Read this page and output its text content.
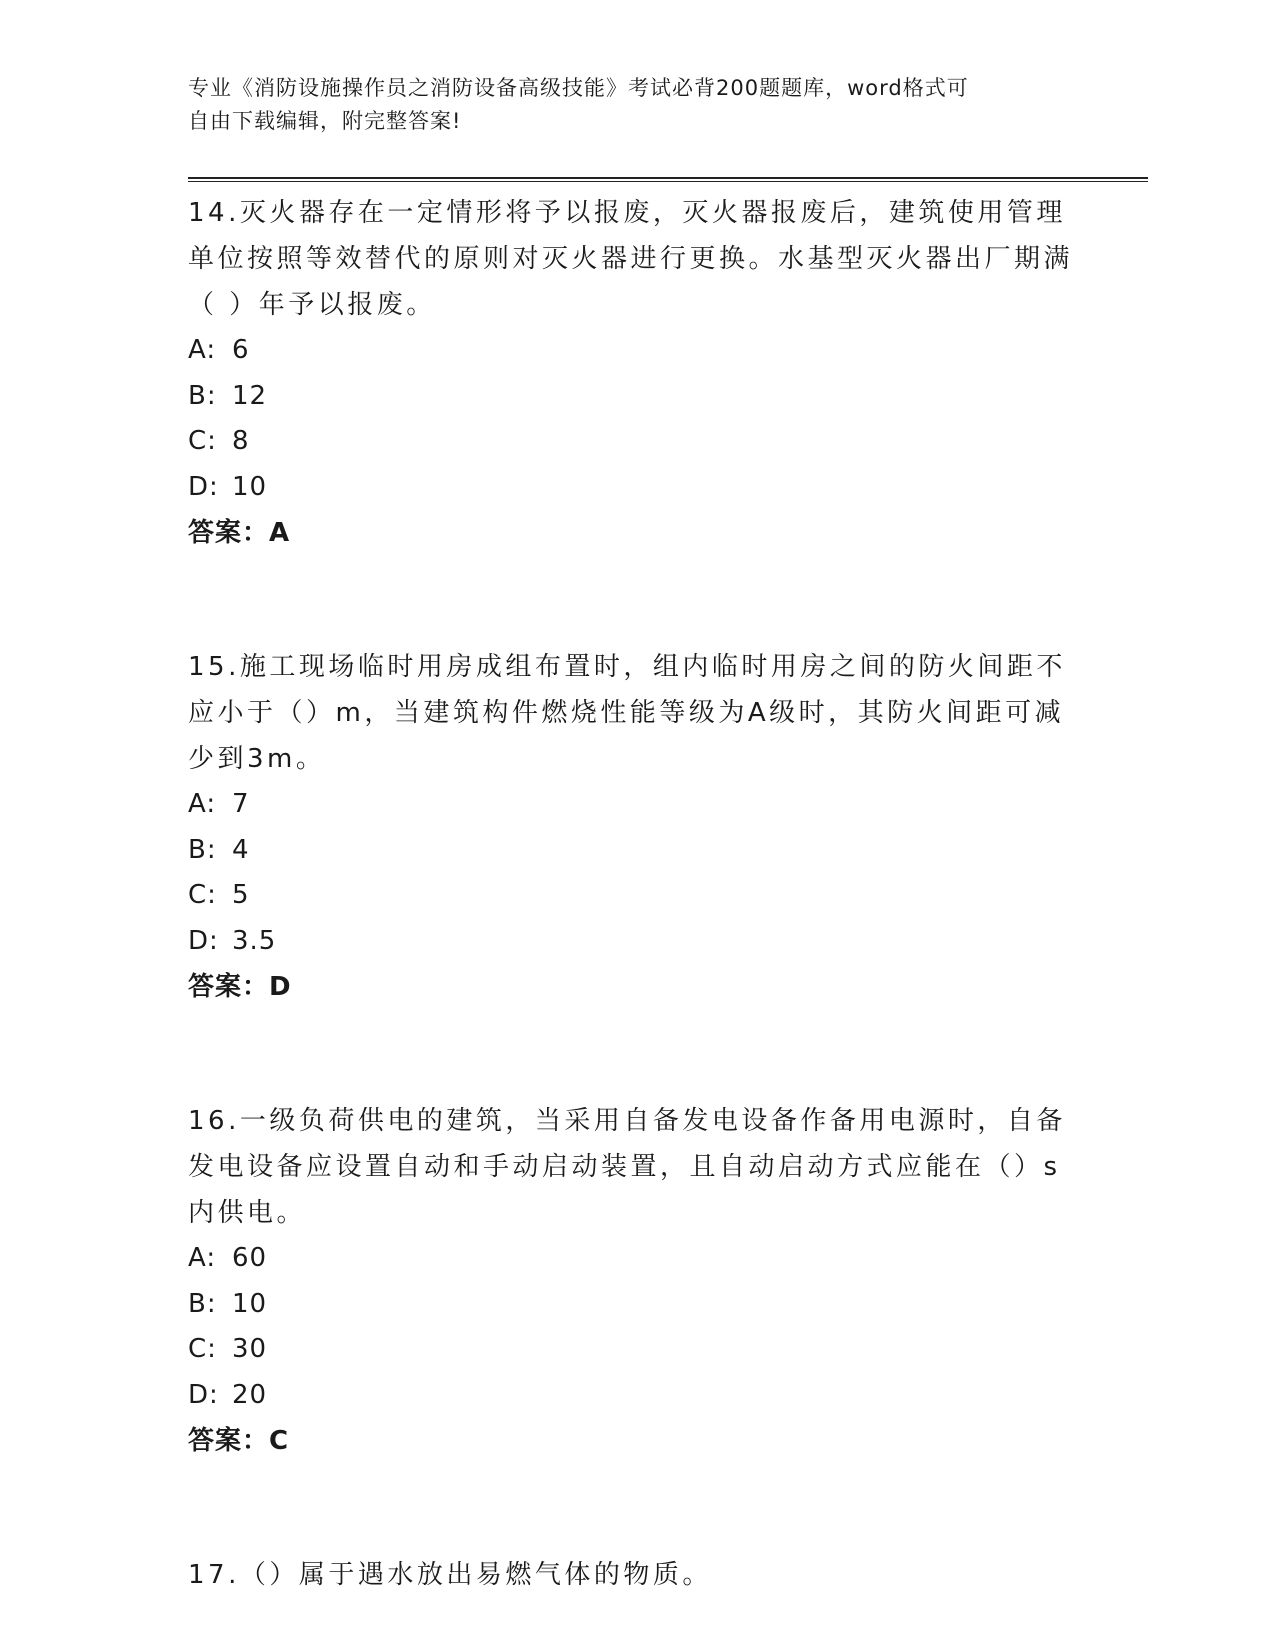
专业《消防设施操作员之消防设备高级技能》考试必背200题题库，word格式可
自由下载编辑，附完整答案!

14.灭火器存在一定情形将予以报废，灭火器报废后，建筑使用管理单位按照等效替代的原则对灭火器进行更换。水基型灭火器出厂期满（ ）年予以报废。

A: 6

B: 12

C: 8

D: 10

答案：A

15.施工现场临时用房成组布置时，组内临时用房之间的防火间距不应小于（）m，当建筑构件燃烧性能等级为A级时，其防火间距可减少到3m。

A: 7

B: 4

C: 5

D: 3.5

答案：D

16.一级负荷供电的建筑，当采用自备发电设备作备用电源时，自备发电设备应设置自动和手动启动装置，且自动启动方式应能在（）s内供电。

A: 60

B: 10

C: 30

D: 20

答案：C

17.（）属于遇水放出易燃气体的物质。
